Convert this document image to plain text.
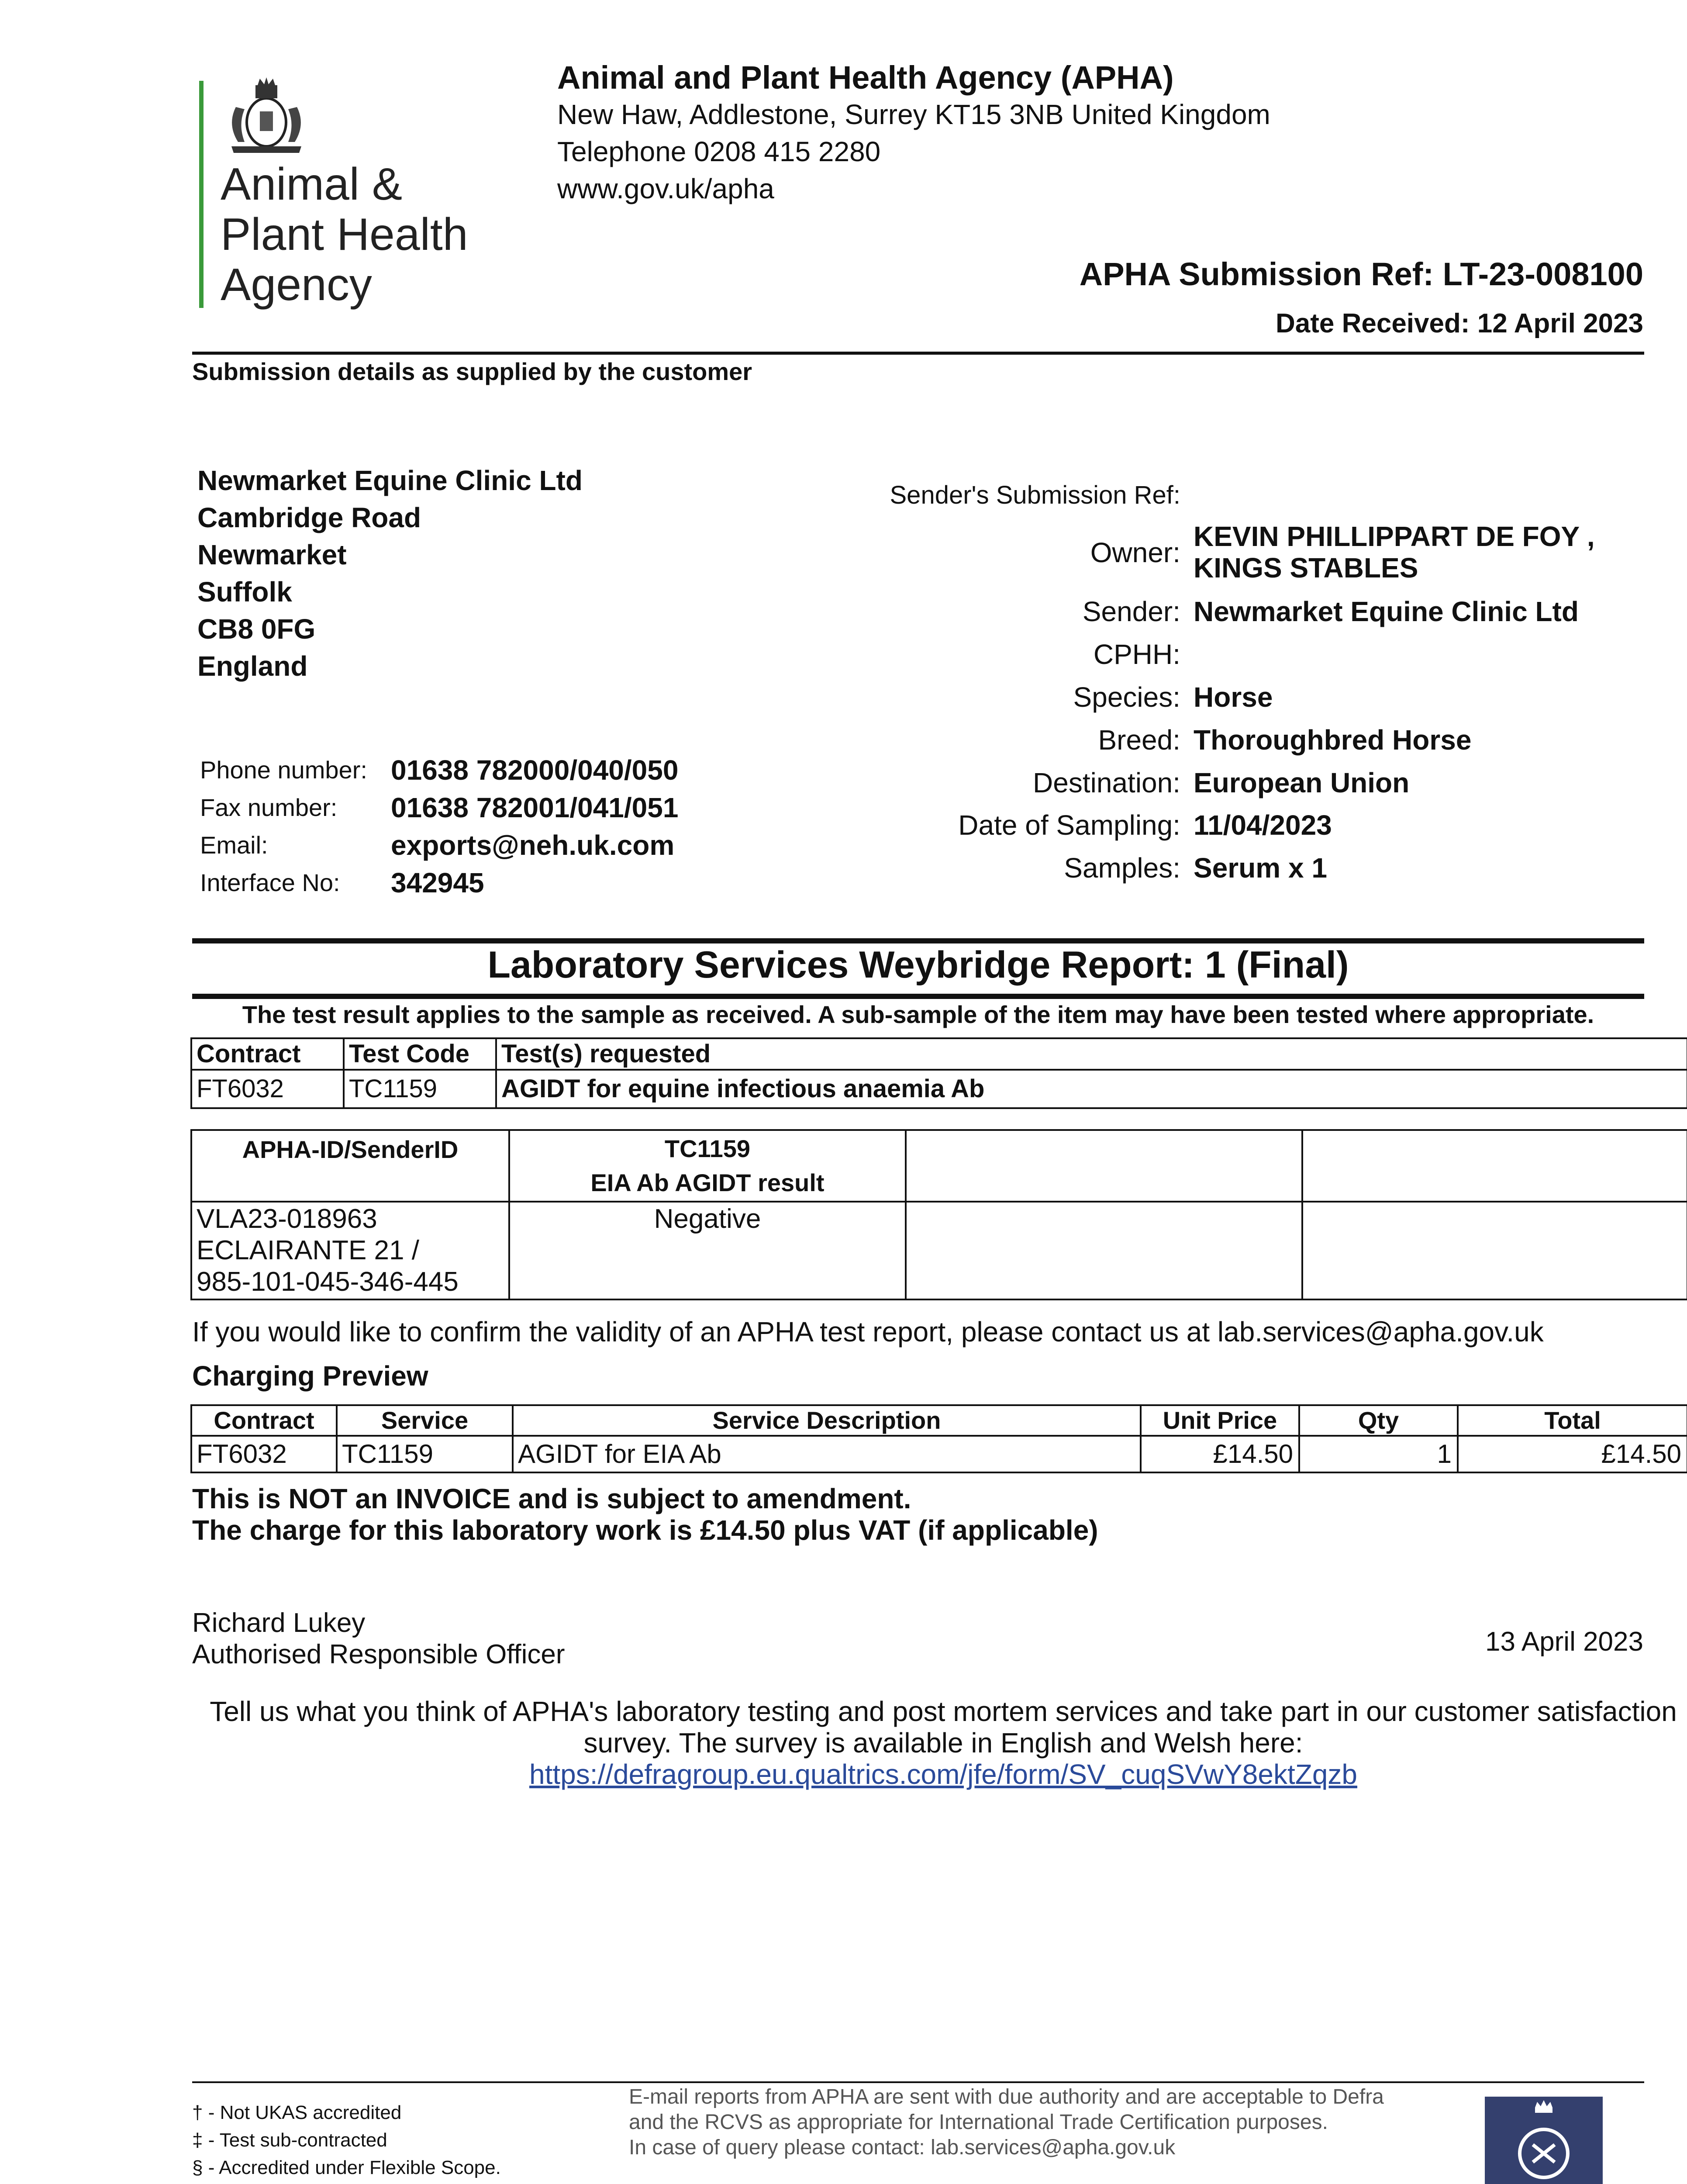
Animal &
Plant Health
Agency
Animal and Plant Health Agency (APHA)
New Haw, Addlestone, Surrey KT15 3NB United Kingdom
Telephone 0208 415 2280
www.gov.uk/apha
APHA Submission Ref: LT-23-008100
Date Received: 12 April 2023
Submission details as supplied by the customer
Newmarket Equine Clinic Ltd
Cambridge Road
Newmarket
Suffolk
CB8 0FG
England
Phone number: 01638 782000/040/050
Fax number:	01638 782001/041/051
Email:	exports@neh.uk.com
Interface No:	342945
Sender's Submission Ref:
Owner:
KEVIN PHILLIPPART DE FOY ,
KINGS STABLES
Sender: Newmarket Equine Clinic Ltd
CPHH:
Species: Horse
Breed: Thoroughbred Horse
Destination: European Union
Date of Sampling: 11/04/2023
Samples: Serum x 1
Laboratory Services Weybridge Report: 1 (Final)
The test result applies to the sample as received. A sub-sample of the item may have been tested where appropriate.
Contract	Test Code	Test(s) requested
FT6032	TC1159	AGIDT for equine infectious anaemia Ab
APHA-ID/SenderID	TC1159
EIA Ab AGIDT result		

VLA23-018963
ECLAIRANTE 21 /
985-101-045-346-445	Negative		
If you would like to confirm the validity of an APHA test report, please contact us at lab.services@apha.gov.uk
Charging Preview
Contract	Service	Service Description	Unit Price	Qty	Total
FT6032	TC1159	AGIDT for EIA Ab	£14.50	1	£14.50
This is NOT an INVOICE and is subject to amendment.
The charge for this laboratory work is £14.50 plus VAT (if applicable)
Richard Lukey
Authorised Responsible Officer	13 April 2023
Tell us what you think of APHA's laboratory testing and post mortem services and take part in our customer satisfaction
survey. The survey is available in English and Welsh here:
https://defragroup.eu.qualtrics.com/jfe/form/SV_cuqSVwY8ektZqzb
† - Not UKAS accredited
‡ - Test sub-contracted
§ - Accredited under Flexible Scope.
E-mail reports from APHA are sent with due authority and are acceptable to Defra and the RCVS as appropriate for International Trade Certification purposes.
In case of query please contact: lab.services@apha.gov.uk
